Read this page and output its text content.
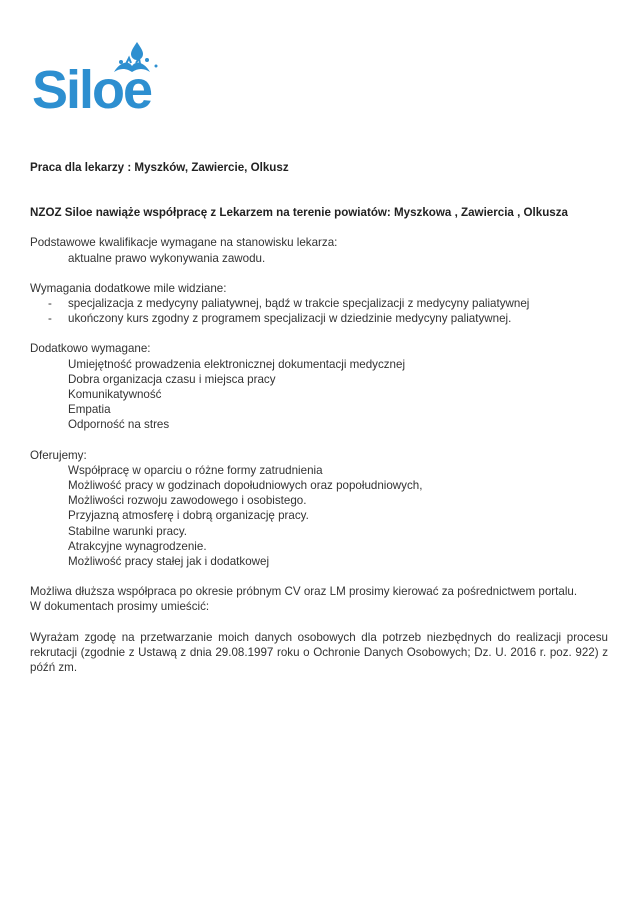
Siloe

Praca dla lekarzy : Myszków, Zawiercie, Olkusz

NZOZ Siloe nawiąże współpracę z Lekarzem na terenie powiatów: Myszkowa , Zawiercia , Olkusza

Podstawowe kwalifikacje wymagane na stanowisku lekarza:

aktualne prawo wykonywania zawodu.

Wymagania dodatkowe mile widziane:

- specjalizacja z medycyny paliatywnej, bądź w trakcie specjalizacji z medycyny paliatywnej
- ukończony kurs zgodny z programem specjalizacji w dziedzinie medycyny paliatywnej.

Dodatkowo wymagane:

Umiejętność prowadzenia elektronicznej dokumentacji medycznej
Dobra organizacja czasu i miejsca pracy
Komunikatywność
Empatia
Odporność na stres

Oferujemy:

Współpracę w oparciu o różne formy zatrudnienia
Możliwość pracy w godzinach dopołudniowych oraz popołudniowych,
Możliwości rozwoju zawodowego i osobistego.
Przyjazną atmosferę i dobrą organizację pracy.
Stabilne warunki pracy.
Atrakcyjne wynagrodzenie.
Możliwość pracy stałej jak i dodatkowej

Możliwa dłuższa współpraca po okresie próbnym CV oraz LM prosimy kierować za pośrednictwem portalu.

W dokumentach prosimy umieścić:

Wyrażam zgodę na przetwarzanie moich danych osobowych dla potrzeb niezbędnych do realizacji procesu rekrutacji (zgodnie z Ustawą z dnia 29.08.1997 roku o Ochronie Danych Osobowych; Dz. U. 2016 r. poz. 922) z późń zm.
